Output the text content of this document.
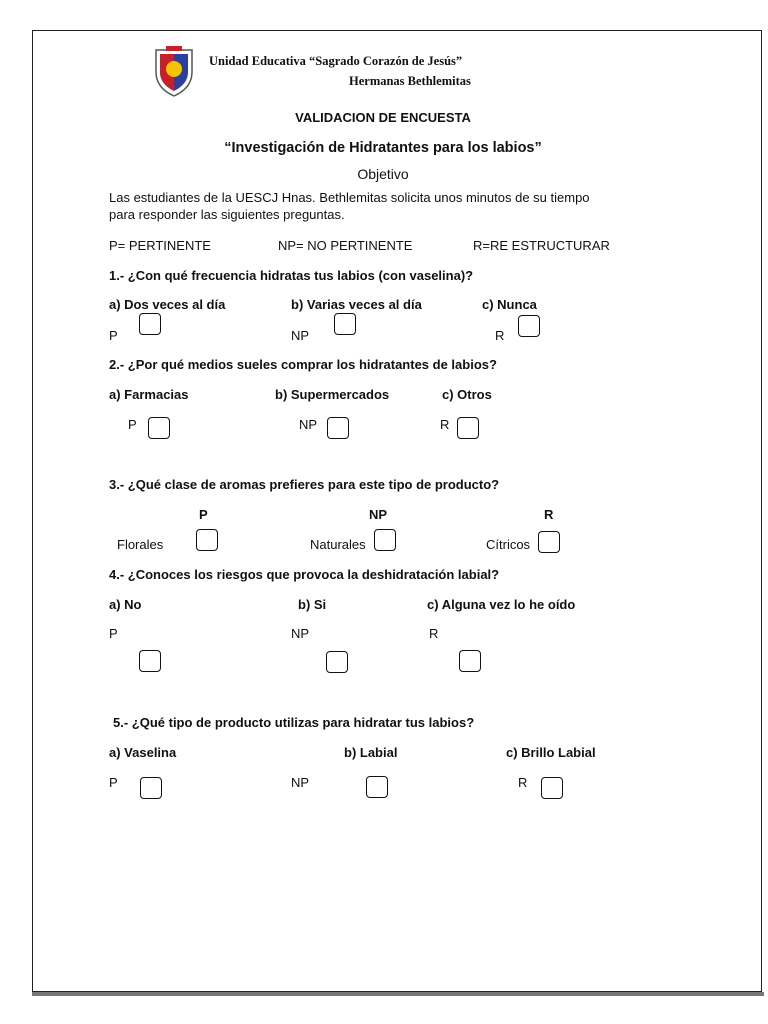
Unidad Educativa “Sagrado Corazón de Jesús”
Hermanas Bethlemitas
VALIDACION DE ENCUESTA
“Investigación de Hidratantes para los labios”
Objetivo
Las estudiantes de la UESCJ Hnas. Bethlemitas solicita unos minutos de su tiempo
para responder las siguientes preguntas.
P= PERTINENTE	NP= NO PERTINENTE	R=RE ESTRUCTURAR
1.- ¿Con qué frecuencia hidratas tus labios (con vaselina)?
a) Dos veces al día	b) Varias veces al día	c) Nunca
P	NP	R
2.- ¿Por qué medios sueles comprar los hidratantes de labios?
a) Farmacias	b) Supermercados	c) Otros
P	NP	R
3.- ¿Qué clase de aromas prefieres para este tipo de producto?
P	NP	R
Florales	Naturales	Cítricos
4.- ¿Conoces los riesgos que provoca la deshidratación labial?
a) No	b) Si	c) Alguna vez lo he oído
P	NP	R
5.- ¿Qué tipo de producto utilizas para hidratar tus labios?
a) Vaselina	b) Labial	c) Brillo Labial
P	NP	R
